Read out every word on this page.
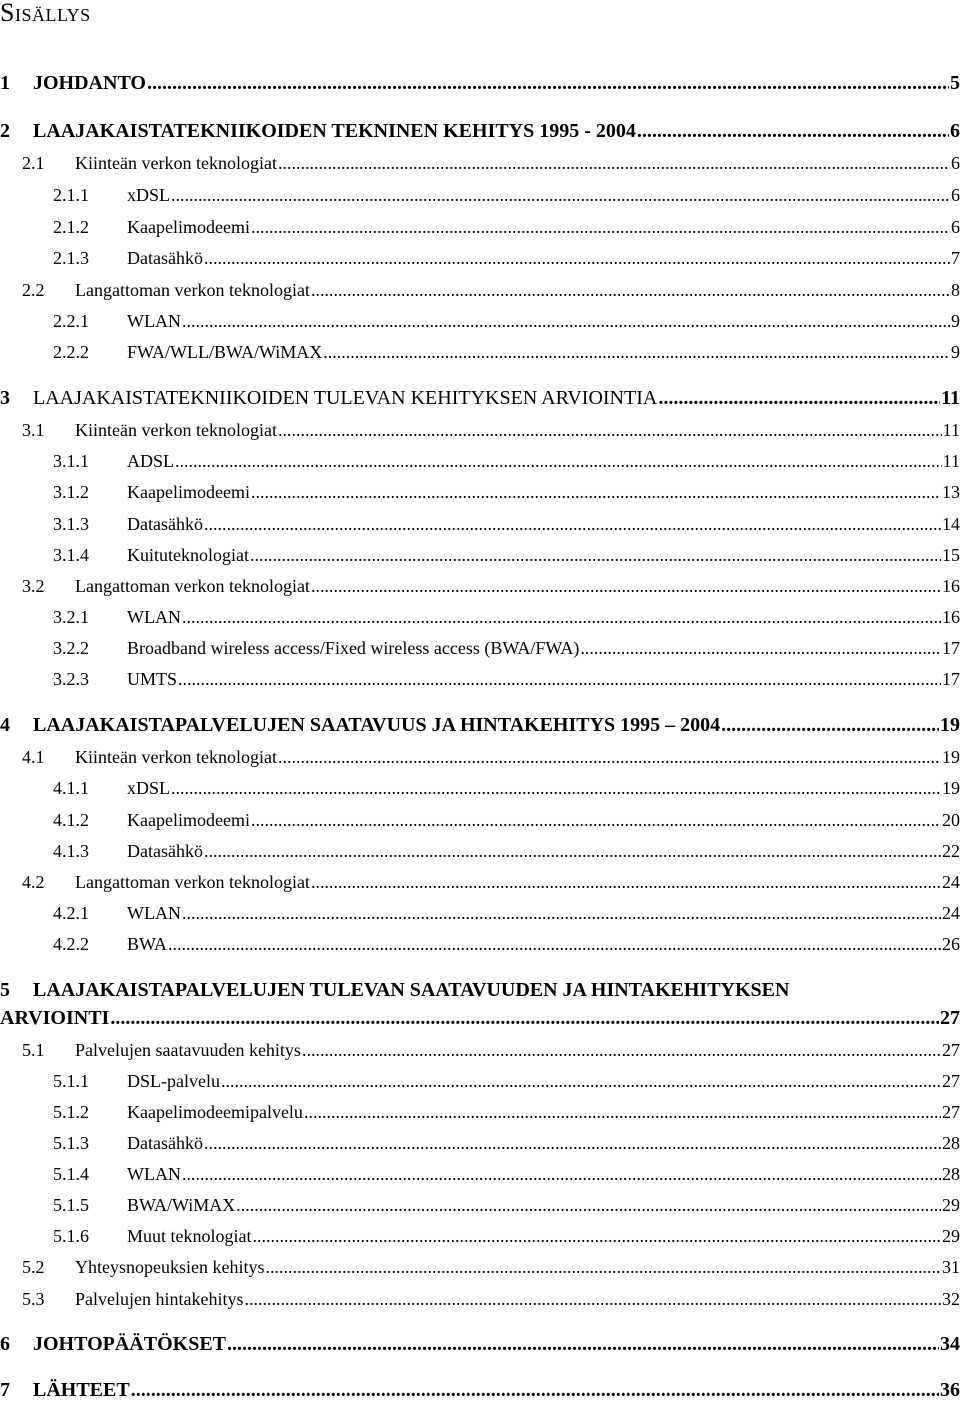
Sisällys
1	JOHDANTO .....	5
2	LAAJAKAISTATEKNIIKOIDEN TEKNINEN KEHITYS 1995 - 2004 .....	6
2.1	Kiinteän verkon teknologiat .....	6
2.1.1	xDSL .....	6
2.1.2	Kaapelimodeemi .....	6
2.1.3	Datasähkö .....	7
2.2	Langattoman verkon teknologiat .....	8
2.2.1	WLAN .....	9
2.2.2	FWA/WLL/BWA/WiMAX .....	9
3	LAAJAKAISTATEKNIIKOIDEN TULEVAN KEHITYKSEN ARVIOINTIA .....	11
3.1	Kiinteän verkon teknologiat .....	11
3.1.1	ADSL .....	11
3.1.2	Kaapelimodeemi .....	13
3.1.3	Datasähkö .....	14
3.1.4	Kuituteknologiat .....	15
3.2	Langattoman verkon teknologiat .....	16
3.2.1	WLAN .....	16
3.2.2	Broadband wireless access/Fixed wireless access (BWA/FWA) .....	17
3.2.3	UMTS .....	17
4	LAAJAKAISTAPALVELUJEN SAATAVUUS JA HINTAKEHITYS 1995 – 2004 .....	19
4.1	Kiinteän verkon teknologiat .....	19
4.1.1	xDSL .....	19
4.1.2	Kaapelimodeemi .....	20
4.1.3	Datasähkö .....	22
4.2	Langattoman verkon teknologiat .....	24
4.2.1	WLAN .....	24
4.2.2	BWA .....	26
5 LAAJAKAISTAPALVELUJEN TULEVAN SAATAVUUDEN JA HINTAKEHITYKSEN
ARVIOINTI .....	27
5.1	Palvelujen saatavuuden kehitys .....	27
5.1.1	DSL-palvelu .....	27
5.1.2	Kaapelimodeemipalvelu .....	27
5.1.3	Datasähkö .....	28
5.1.4	WLAN .....	28
5.1.5	BWA/WiMAX .....	29
5.1.6	Muut teknologiat .....	29
5.2	Yhteysnopeuksien kehitys .....	31
5.3	Palvelujen hintakehitys .....	32
6	JOHTOPÄÄTÖKSET .....	34
7	LÄHTEET .....	36
